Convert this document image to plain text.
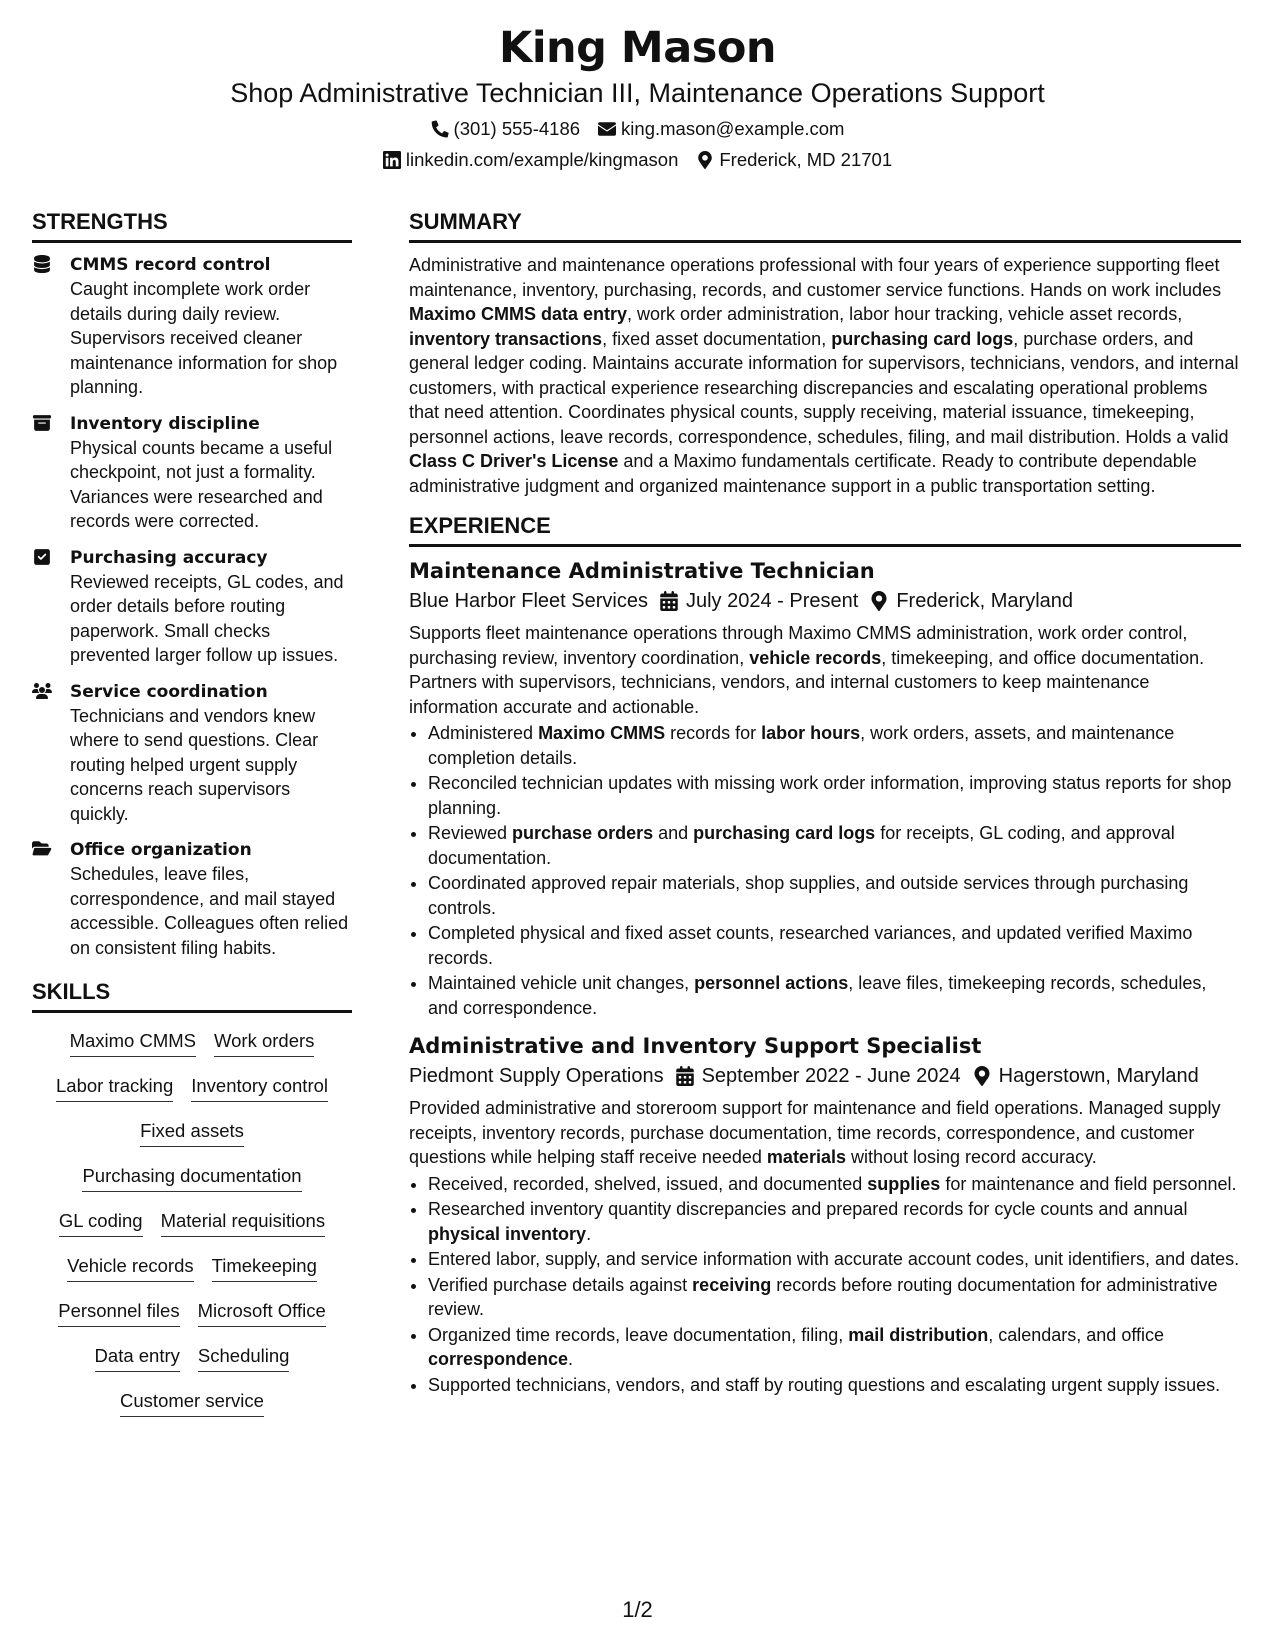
King Mason
Shop Administrative Technician III, Maintenance Operations Support
(301) 555-4186 king.mason@example.com
linkedin.com/example/kingmason Frederick, MD 21701
STRENGTHS
CMMS record control
Caught incomplete work order details during daily review. Supervisors received cleaner maintenance information for shop planning.
Inventory discipline
Physical counts became a useful checkpoint, not just a formality. Variances were researched and records were corrected.
Purchasing accuracy
Reviewed receipts, GL codes, and order details before routing paperwork. Small checks prevented larger follow up issues.
Service coordination
Technicians and vendors knew where to send questions. Clear routing helped urgent supply concerns reach supervisors quickly.
Office organization
Schedules, leave files, correspondence, and mail stayed accessible. Colleagues often relied on consistent filing habits.
SKILLS
Maximo CMMS Work orders
Labor tracking Inventory control
Fixed assets
Purchasing documentation
GL coding Material requisitions
Vehicle records Timekeeping
Personnel files Microsoft Office
Data entry Scheduling
Customer service
SUMMARY

Administrative and maintenance operations professional with four years of experience supporting fleet maintenance, inventory, purchasing, records, and customer service functions. Hands on work includes Maximo CMMS data entry, work order administration, labor hour tracking, vehicle asset records, inventory transactions, fixed asset documentation, purchasing card logs, purchase orders, and general ledger coding. Maintains accurate information for supervisors, technicians, vendors, and internal customers, with practical experience researching discrepancies and escalating operational problems that need attention. Coordinates physical counts, supply receiving, material issuance, timekeeping, personnel actions, leave records, correspondence, schedules, filing, and mail distribution. Holds a valid Class C Driver's License and a Maximo fundamentals certificate. Ready to contribute dependable administrative judgment and organized maintenance support in a public transportation setting.

EXPERIENCE
Maintenance Administrative Technician
Blue Harbor Fleet Services July 2024 - Present Frederick, Maryland

Supports fleet maintenance operations through Maximo CMMS administration, work order control, purchasing review, inventory coordination, vehicle records, timekeeping, and office documentation. Partners with supervisors, technicians, vendors, and internal customers to keep maintenance information accurate and actionable.

• Administered Maximo CMMS records for labor hours, work orders, assets, and maintenance completion details.
• Reconciled technician updates with missing work order information, improving status reports for shop planning.
• Reviewed purchase orders and purchasing card logs for receipts, GL coding, and approval documentation.
• Coordinated approved repair materials, shop supplies, and outside services through purchasing controls.
• Completed physical and fixed asset counts, researched variances, and updated verified Maximo records.
• Maintained vehicle unit changes, personnel actions, leave files, timekeeping records, schedules, and correspondence.
Administrative and Inventory Support Specialist
Piedmont Supply Operations September 2022 - June 2024 Hagerstown, Maryland

Provided administrative and storeroom support for maintenance and field operations. Managed supply receipts, inventory records, purchase documentation, time records, correspondence, and customer questions while helping staff receive needed materials without losing record accuracy.

• Received, recorded, shelved, issued, and documented supplies for maintenance and field personnel.
• Researched inventory quantity discrepancies and prepared records for cycle counts and annual physical inventory.
• Entered labor, supply, and service information with accurate account codes, unit identifiers, and dates.
• Verified purchase details against receiving records before routing documentation for administrative review.
• Organized time records, leave documentation, filing, mail distribution, calendars, and office correspondence.
• Supported technicians, vendors, and staff by routing questions and escalating urgent supply issues.
1/2
